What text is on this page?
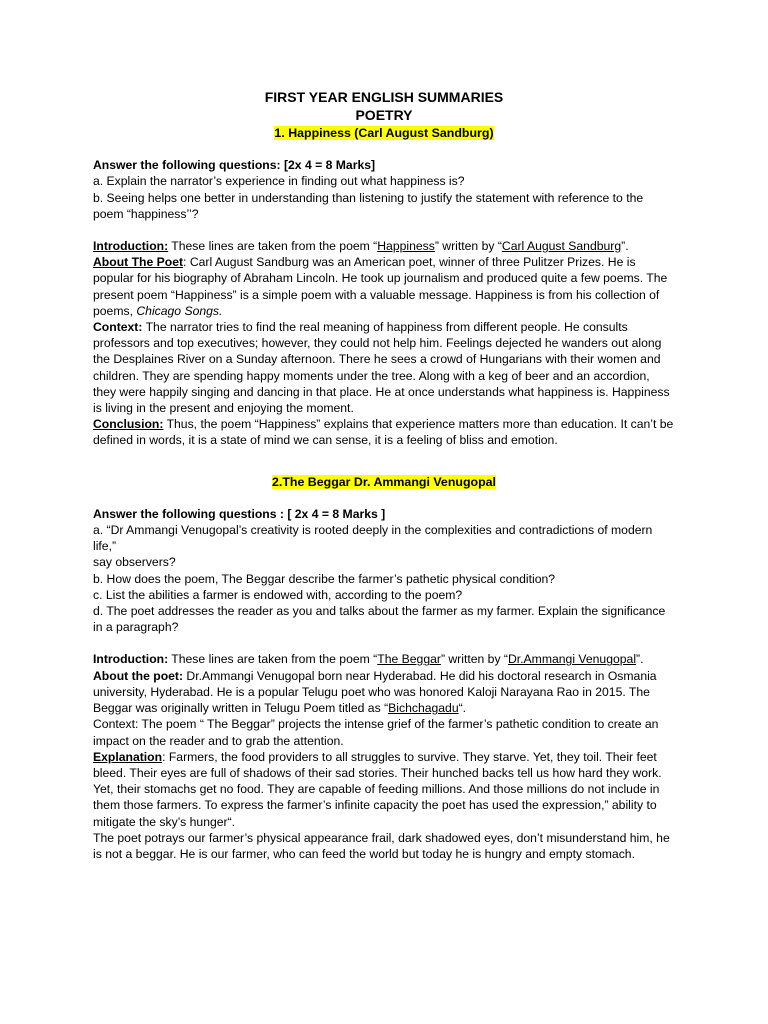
FIRST YEAR ENGLISH SUMMARIES
POETRY
1. Happiness (Carl August Sandburg)

Answer the following questions: [2x 4 = 8 Marks]

a. Explain the narrator’s experience in finding out what happiness is?

b. Seeing helps one better in understanding than listening to justify the statement with reference to the poem “happiness’’?

Introduction: These lines are taken from the poem “Happiness” written by “Carl August Sandburg”.

About The Poet: Carl August Sandburg was an American poet, winner of three Pulitzer Prizes. He is popular for his biography of Abraham Lincoln. He took up journalism and produced quite a few poems. The present poem “Happiness” is a simple poem with a valuable message. Happiness is from his collection of poems, Chicago Songs.

Context: The narrator tries to find the real meaning of happiness from different people. He consults professors and top executives; however, they could not help him. Feelings dejected he wanders out along the Desplaines River on a Sunday afternoon. There he sees a crowd of Hungarians with their women and children. They are spending happy moments under the tree. Along with a keg of beer and an accordion, they were happily singing and dancing in that place. He at once understands what happiness is. Happiness is living in the present and enjoying the moment.

Conclusion: Thus, the poem “Happiness” explains that experience matters more than education. It can’t be defined in words, it is a state of mind we can sense, it is a feeling of bliss and emotion.

2.The Beggar Dr. Ammangi Venugopal

Answer the following questions : [ 2x 4 = 8 Marks ]

a. “Dr Ammangi Venugopal’s creativity is rooted deeply in the complexities and contradictions of modern life,”

say observers?

b. How does the poem, The Beggar describe the farmer’s pathetic physical condition?

c. List the abilities a farmer is endowed with, according to the poem?

d. The poet addresses the reader as you and talks about the farmer as my farmer. Explain the significance in a paragraph?

Introduction: These lines are taken from the poem “The Beggar” written by “Dr.Ammangi Venugopal”.

About the poet: Dr.Ammangi Venugopal born near Hyderabad. He did his doctoral research in Osmania university, Hyderabad. He is a popular Telugu poet who was honored Kaloji Narayana Rao in 2015. The Beggar was originally written in Telugu Poem titled as “Bichchagadu“.

Context: The poem “ The Beggar” projects the intense grief of the farmer’s pathetic condition to create an impact on the reader and to grab the attention.

Explanation: Farmers, the food providers to all struggles to survive. They starve. Yet, they toil. Their feet bleed. Their eyes are full of shadows of their sad stories. Their hunched backs tell us how hard they work. Yet, their stomachs get no food. They are capable of feeding millions. And those millions do not include in them those farmers. To express the farmer’s infinite capacity the poet has used the expression,” ability to mitigate the sky’s hunger“.

The poet potrays our farmer’s physical appearance frail, dark shadowed eyes, don’t misunderstand him, he is not a beggar. He is our farmer, who can feed the world but today he is hungry and empty stomach.
